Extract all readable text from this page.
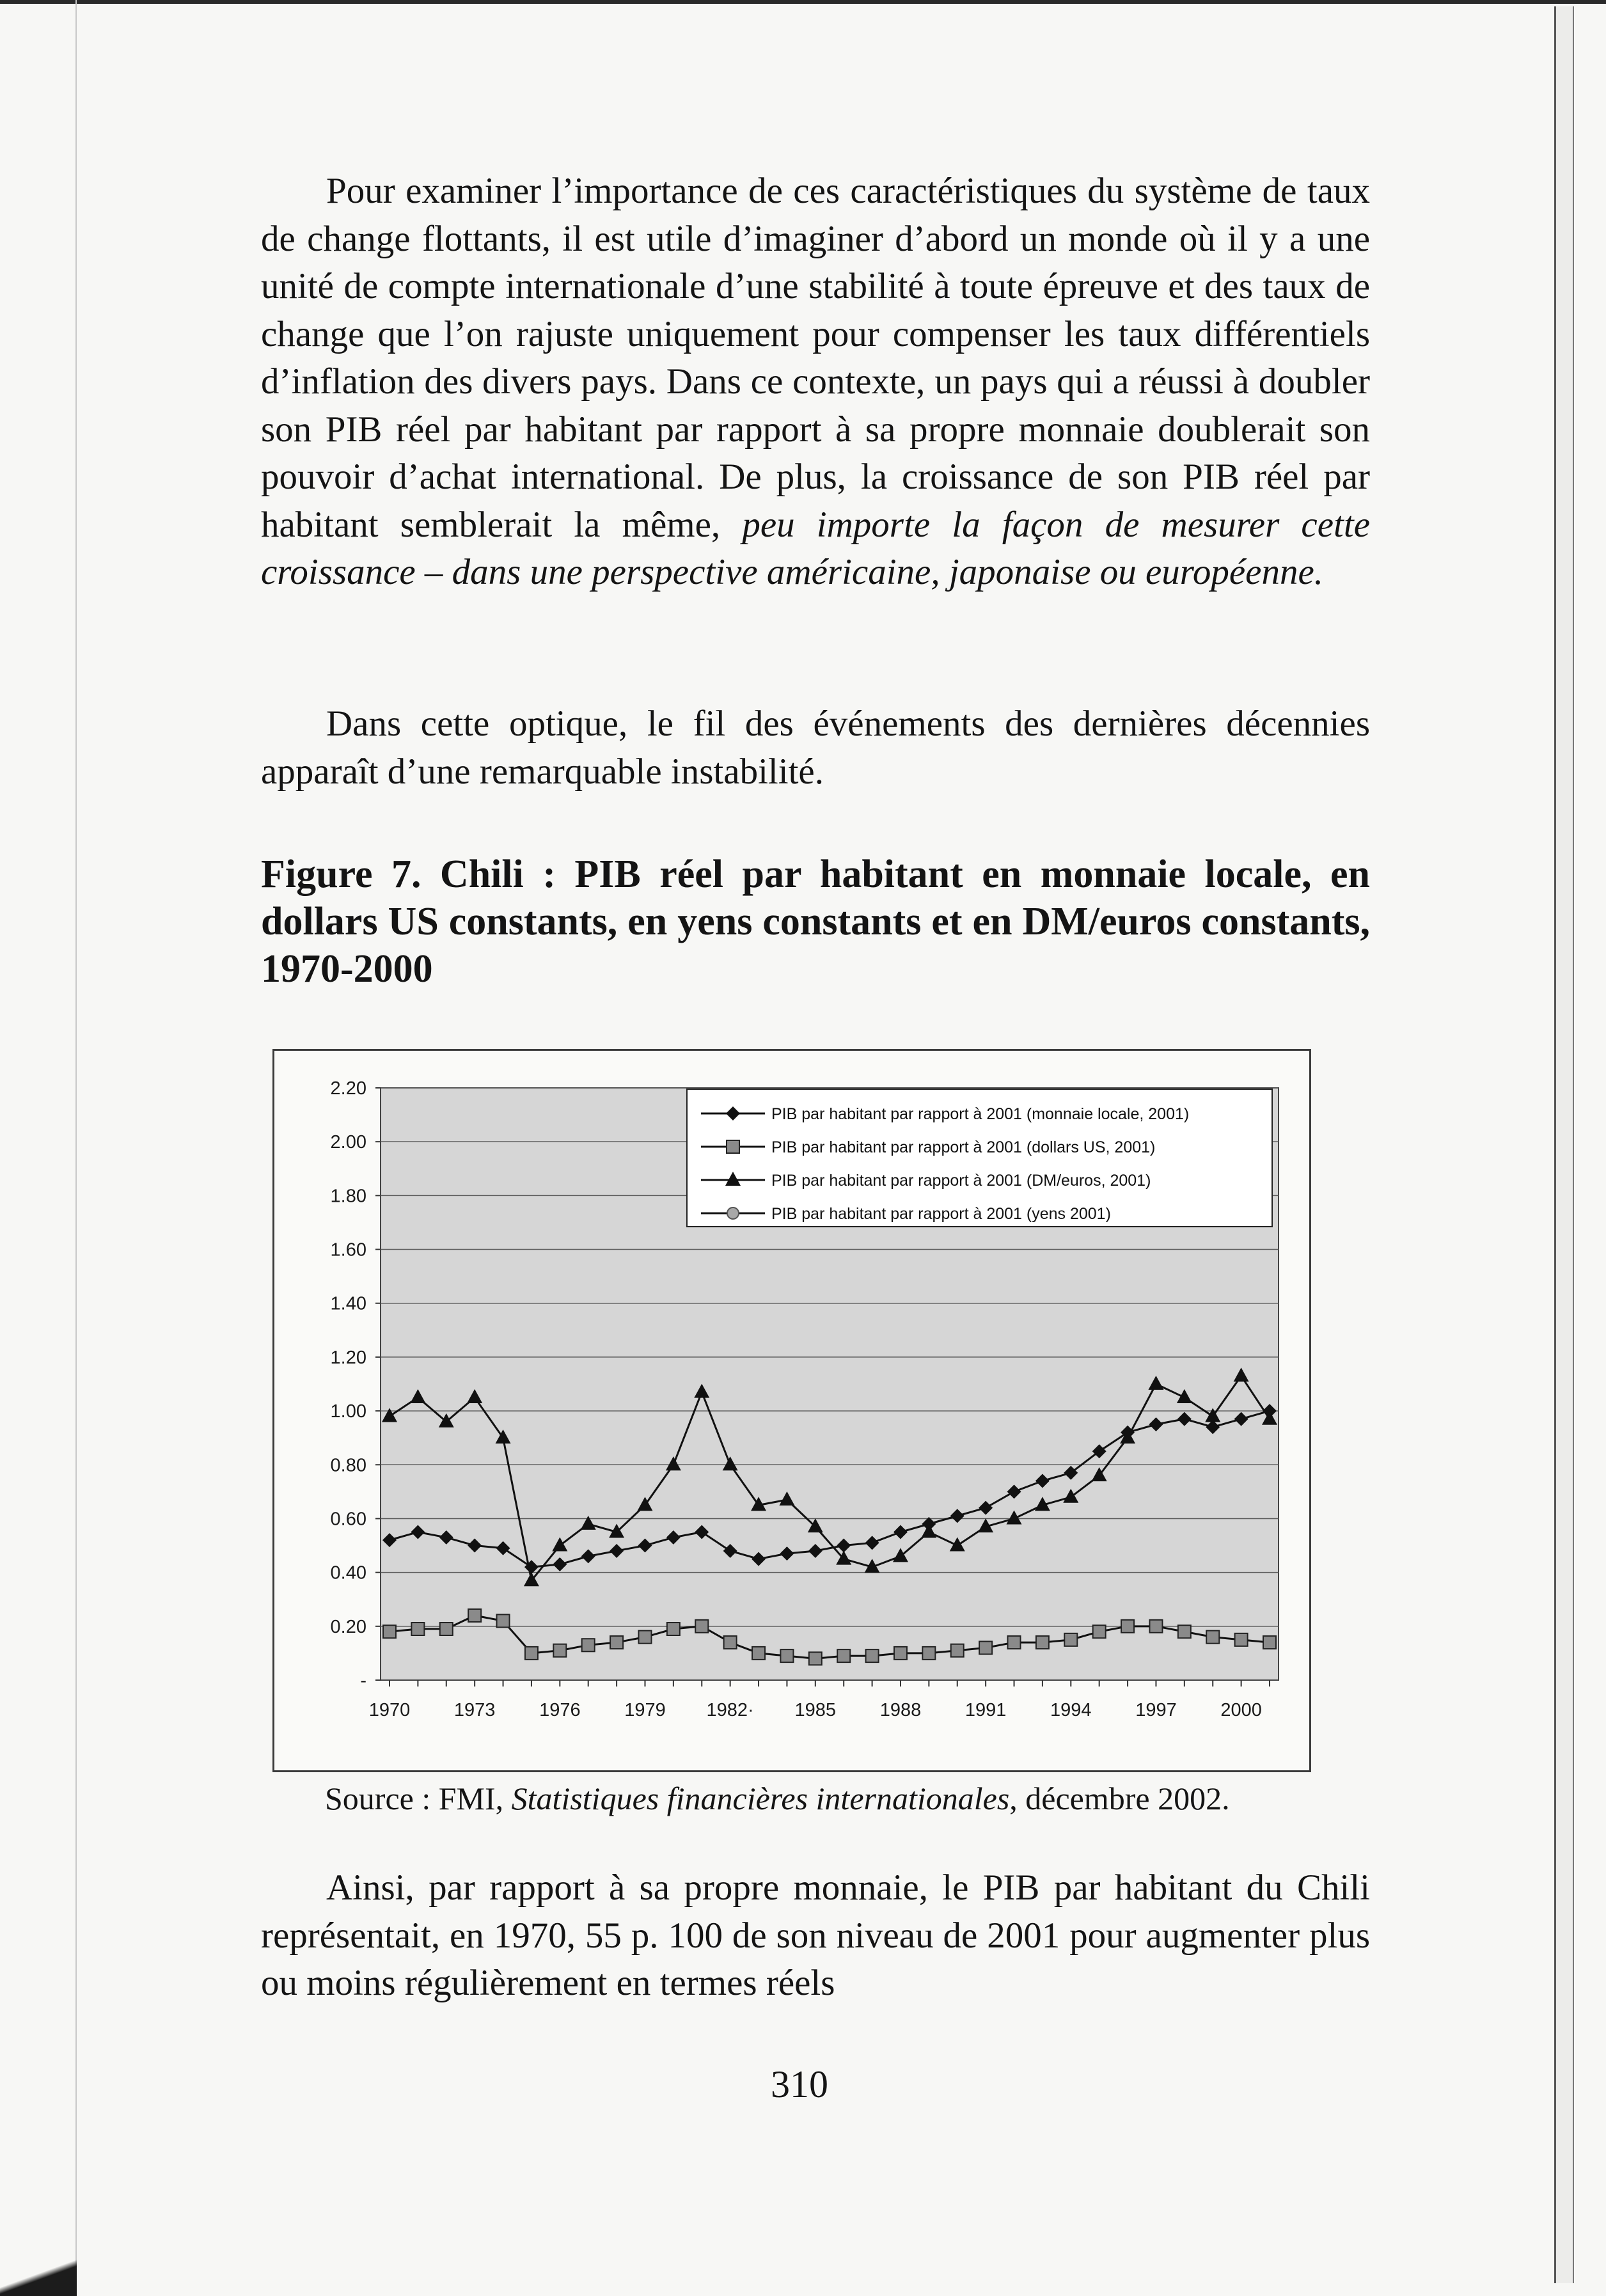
Pour examiner l’importance de ces caractéristiques du système de taux de change flottants, il est utile d’imaginer d’abord un monde où il y a une unité de compte internationale d’une stabilité à toute épreuve et des taux de change que l’on rajuste uniquement pour compenser les taux différentiels d’inflation des divers pays. Dans ce contexte, un pays qui a réussi à doubler son PIB réel par habitant par rapport à sa propre monnaie doublerait son pouvoir d’achat international. De plus, la croissance de son PIB réel par habitant semblerait la même, peu importe la façon de mesurer cette croissance – dans une perspective américaine, japonaise ou européenne.

Dans cette optique, le fil des événements des dernières décennies apparaît d’une remarquable instabilité.

Figure 7. Chili : PIB réel par habitant en monnaie locale, en dollars US constants, en yens constants et en DM/euros constants, 1970-2000

-
0.20
0.40
0.60
0.80
1.00
1.20
1.40
1.60
1.80
2.00
2.20
1970 1973 1976 1979 1982· 1985 1988 1991 1994 1997 2000
PIB par habitant par rapport à 2001 (monnaie locale, 2001)
PIB par habitant par rapport à 2001 (dollars US, 2001)
PIB par habitant par rapport à 2001 (DM/euros, 2001)
PIB par habitant par rapport à 2001 (yens 2001)

Source : FMI, Statistiques financières internationales, décembre 2002.

Ainsi, par rapport à sa propre monnaie, le PIB par habitant du Chili représentait, en 1970, 55 p. 100 de son niveau de 2001 pour augmenter plus ou moins régulièrement en termes réels

310
